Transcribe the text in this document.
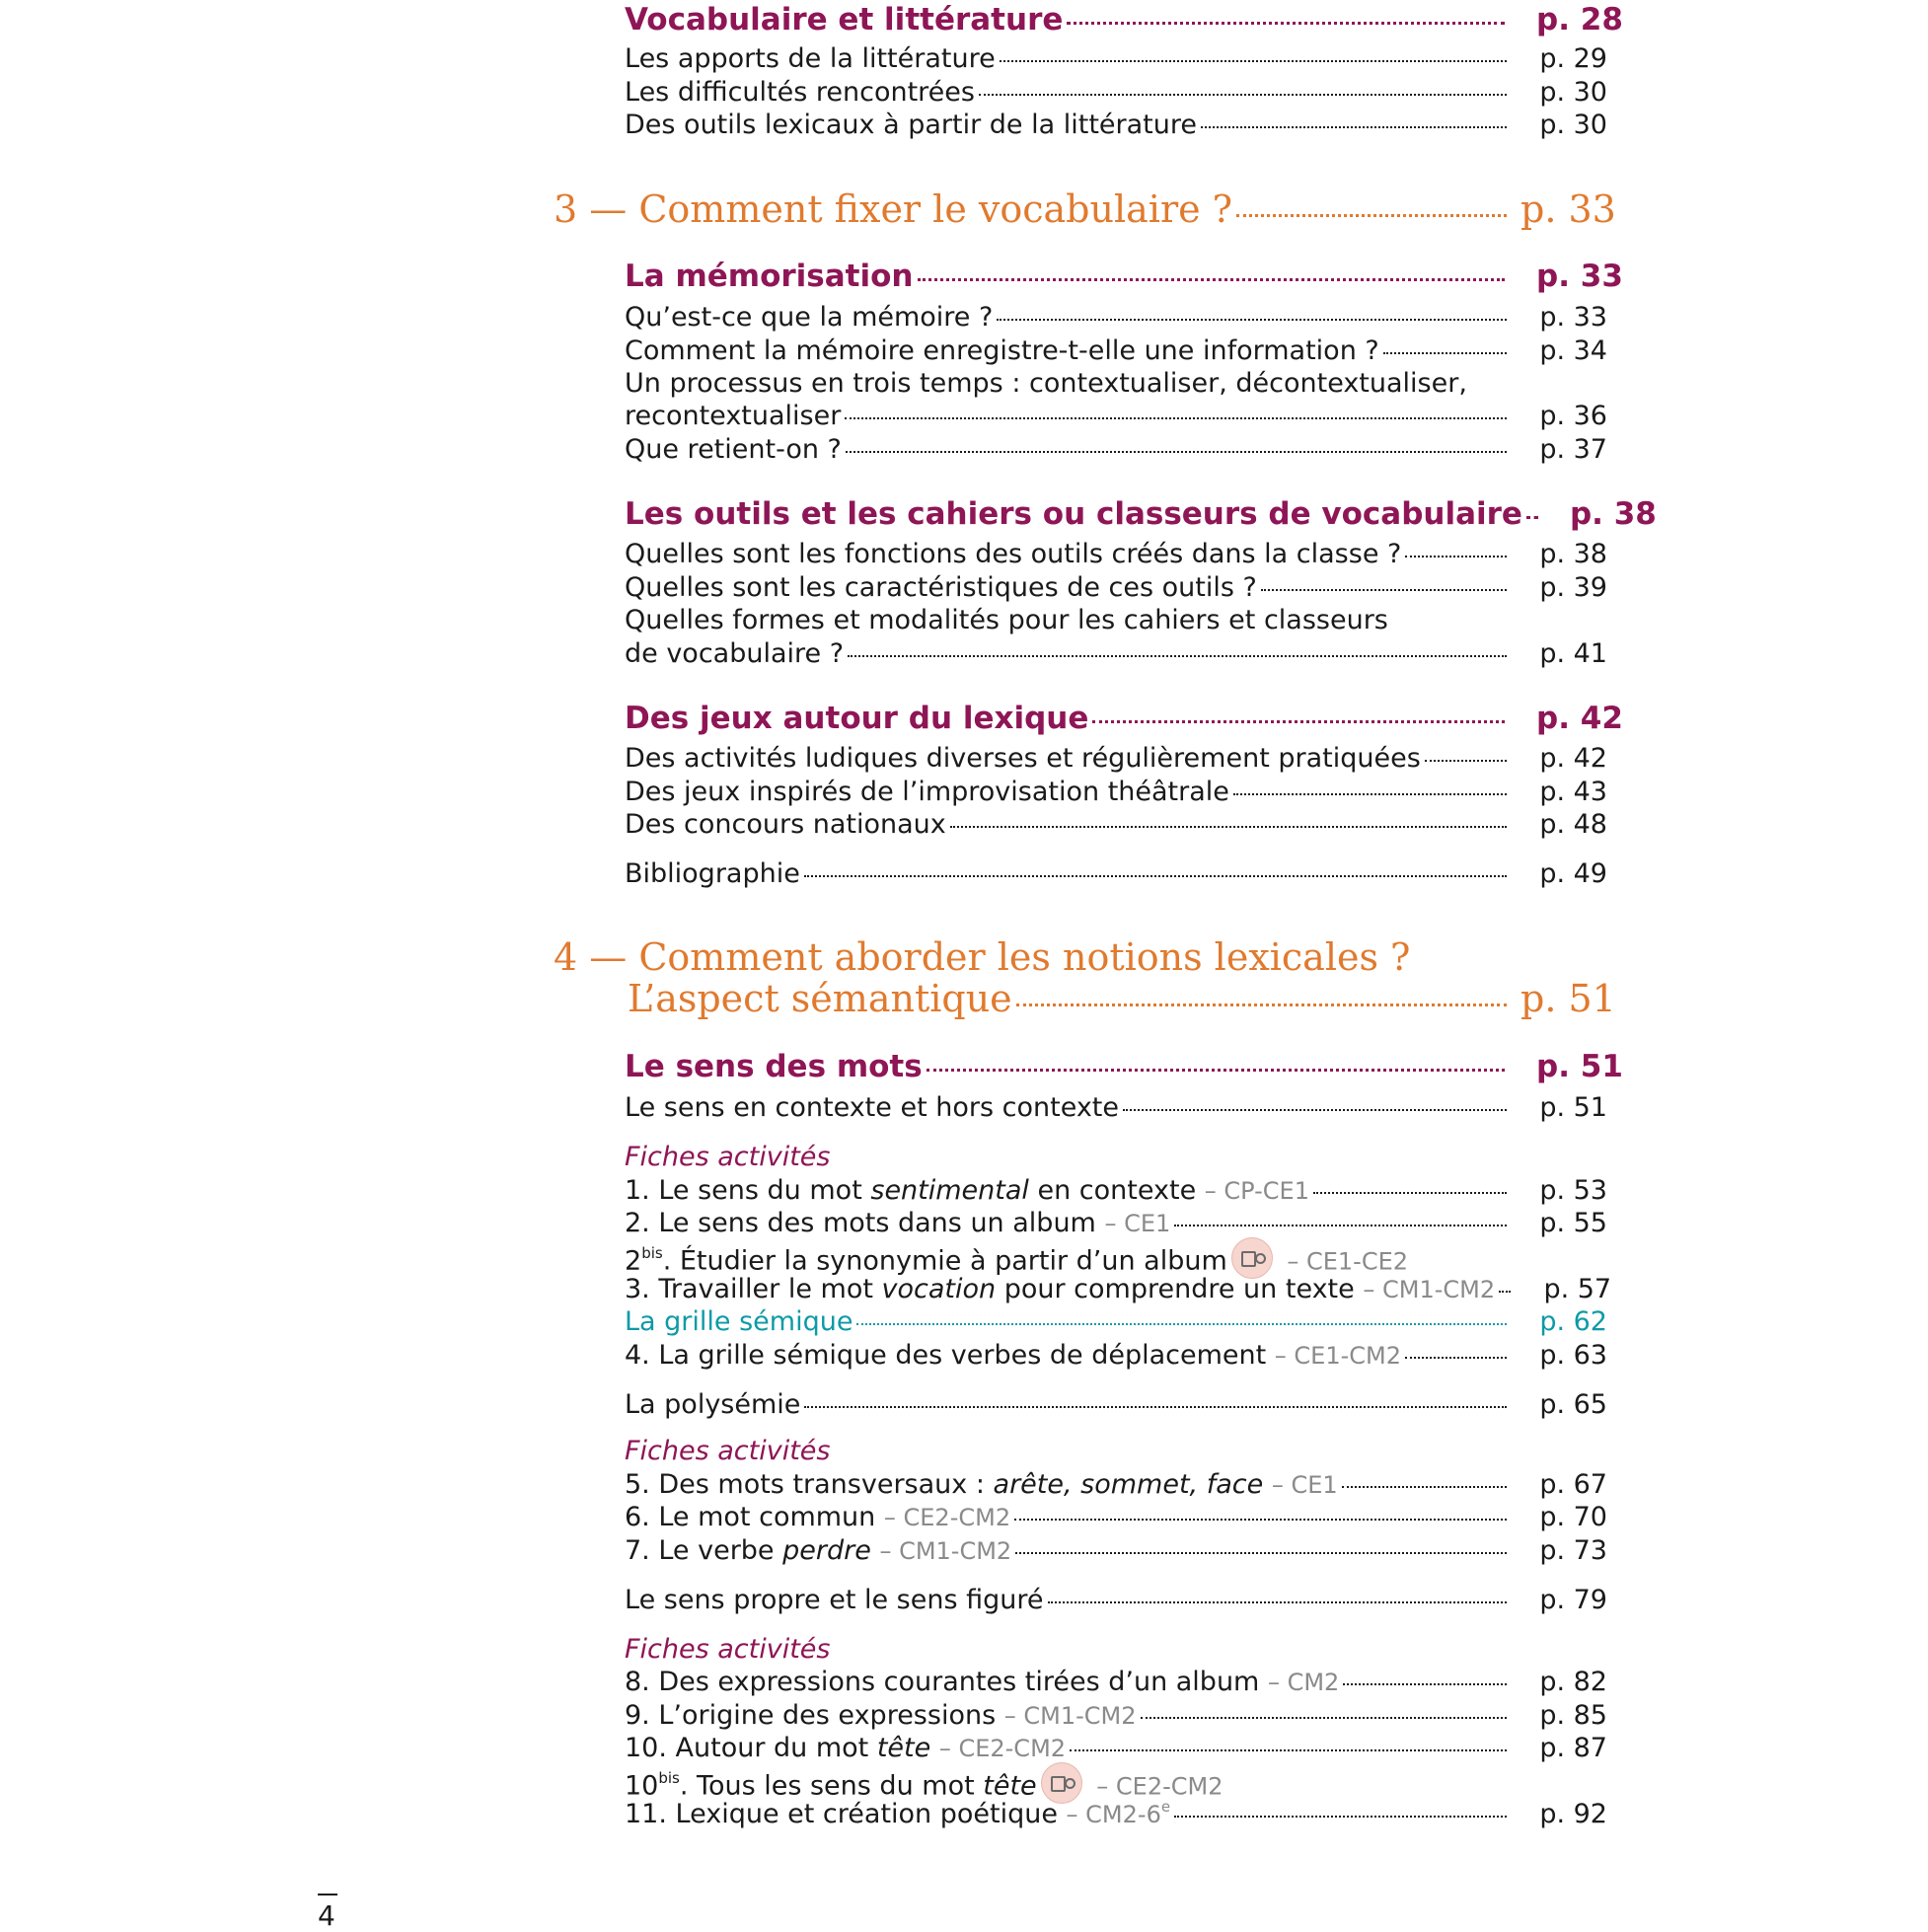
Vocabulaire et littérature	p. 28
Les apports de la littérature	p. 29
Les difficultés rencontrées	p. 30
Des outils lexicaux à partir de la littérature	p. 30
3 — Comment fixer le vocabulaire ?	p. 33
La mémorisation	p. 33
Qu’est-ce que la mémoire ?	p. 33
Comment la mémoire enregistre-t-elle une information ?	p. 34
Un processus en trois temps : contextualiser, décontextualiser,
recontextualiser	p. 36
Que retient-on ?	p. 37
Les outils et les cahiers ou classeurs de vocabulaire p. 38
Quelles sont les fonctions des outils créés dans la classe ?	p. 38
Quelles sont les caractéristiques de ces outils ?	p. 39
Quelles formes et modalités pour les cahiers et classeurs
de vocabulaire ?	p. 41
Des jeux autour du lexique	p. 42
Des activités ludiques diverses et régulièrement pratiquées	p. 42
Des jeux inspirés de l’improvisation théâtrale	p. 43
Des concours nationaux	p. 48
Bibliographie	p. 49
4 — Comment aborder les notions lexicales ?
L’aspect sémantique	p. 51
Le sens des mots	p. 51
Le sens en contexte et hors contexte	p. 51
Fiches activités
1. Le sens du mot sentimental en contexte – CP-CE1	p. 53
2. Le sens des mots dans un album – CE1	p. 55
$2^{bis}$. Étudier la synonymie à partir d’un album	– CE1-CE2
3. Travailler le mot vocation pour comprendre un texte – CM1-CM2 p. 57
La grille sémique	p. 62
4. La grille sémique des verbes de déplacement – CE1-CM2	p. 63
La polysémie	p. 65
Fiches activités
5. Des mots transversaux : arête, sommet, face – CE1	p. 67
6. Le mot commun – CE2-CM2	p. 70
7. Le verbe perdre – CM1-CM2	p. 73
Le sens propre et le sens figuré	p. 79
Fiches activités
8. Des expressions courantes tirées d’un album – CM2	p. 82
9. L’origine des expressions – CM1-CM2	p. 85
10. Autour du mot tête – CE2-CM2	p. 87
$10^{bis}$. Tous les sens du mot tête	– CE2-CM2
11. Lexique et création poétique – CM2-6e	p. 92
4
